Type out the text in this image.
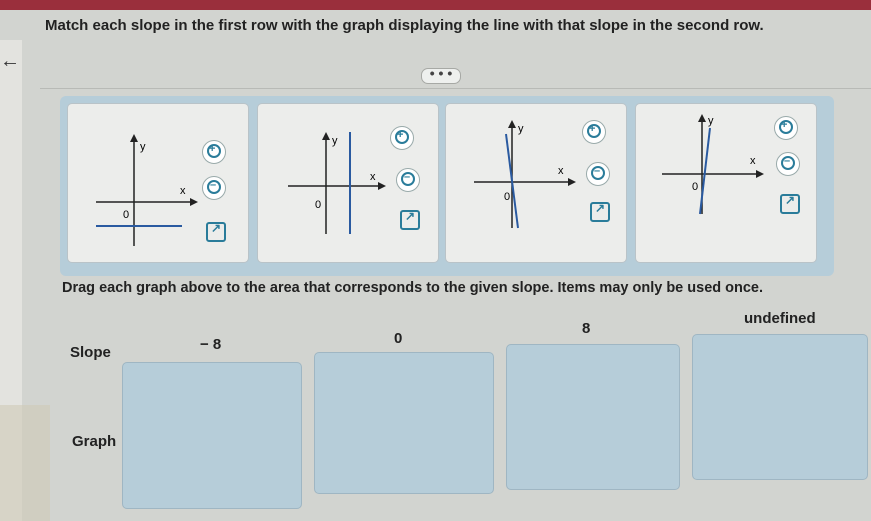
←
Match each slope in the first row with the graph displaying the line with that slope in the second row.
• • •
y
x
0
+
–
↗
y
x
0
+
–
↗
y
x
0
+
–
↗
y
x
0
+
–
↗
Drag each graph above to the area that corresponds to the given slope. Items may only be used once.
Slope
Graph
− 8	0
8
undefined
